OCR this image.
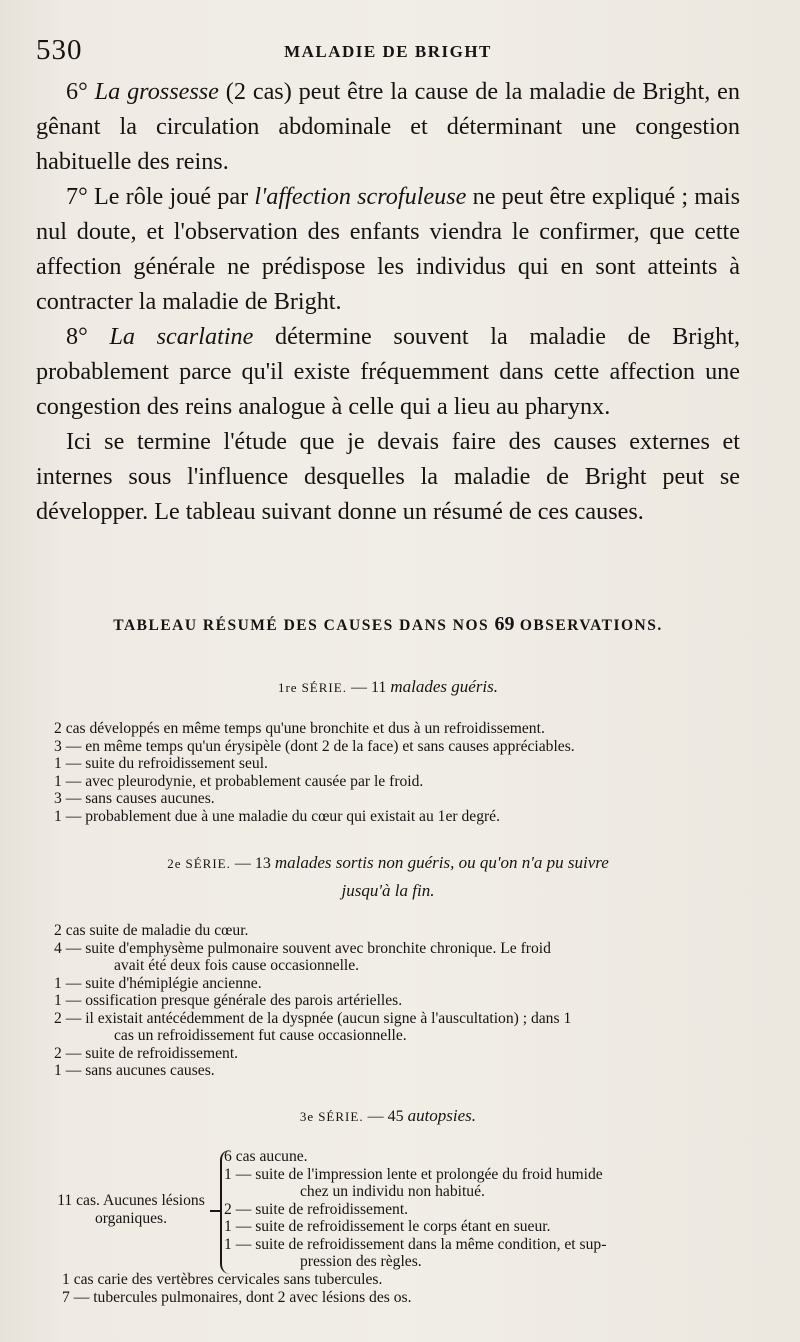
530	MALADIE DE BRIGHT

6° La grossesse (2 cas) peut être la cause de la maladie de Bright, en gênant la circulation abdominale et déterminant une congestion habituelle des reins.

7° Le rôle joué par l'affection scrofuleuse ne peut être expliqué ; mais nul doute, et l'observation des enfants viendra le confirmer, que cette affection générale ne prédispose les individus qui en sont atteints à contracter la maladie de Bright.

8° La scarlatine détermine souvent la maladie de Bright, probablement parce qu'il existe fréquemment dans cette affection une congestion des reins analogue à celle qui a lieu au pharynx.

Ici se termine l'étude que je devais faire des causes externes et internes sous l'influence desquelles la maladie de Bright peut se développer. Le tableau suivant donne un résumé de ces causes.

TABLEAU RÉSUMÉ DES CAUSES DANS NOS 69 OBSERVATIONS.
1re SÉRIE. — 11 malades guéris.

2 cas développés en même temps qu'une bronchite et dus à un refroidissement.

3 — en même temps qu'un érysipèle (dont 2 de la face) et sans causes appréciables.

1 — suite du refroidissement seul.

1 — avec pleurodynie, et probablement causée par le froid.

3 — sans causes aucunes.

1 — probablement due à une maladie du cœur qui existait au 1er degré.

2e SÉRIE. — 13 malades sortis non guéris, ou qu'on n'a pu suivre
jusqu'à la fin.

2 cas suite de maladie du cœur.

4 — suite d'emphysème pulmonaire souvent avec bronchite chronique. Le froid
avait été deux fois cause occasionnelle.

1 — suite d'hémiplégie ancienne.

1 — ossification presque générale des parois artérielles.

2 — il existait antécédemment de la dyspnée (aucun signe à l'auscultation) ; dans 1
cas un refroidissement fut cause occasionnelle.

2 — suite de refroidissement.

1 — sans aucunes causes.

3e SÉRIE. — 45 autopsies.
11 cas. Aucunes lésions organiques.

6 cas aucune.

1 — suite de l'impression lente et prolongée du froid humide
chez un individu non habitué.

2 — suite de refroidissement.

1 — suite de refroidissement le corps étant en sueur.

1 — suite de refroidissement dans la même condition, et sup-
pression des règles.

1 cas carie des vertèbres cervicales sans tubercules.

7 — tubercules pulmonaires, dont 2 avec lésions des os.
